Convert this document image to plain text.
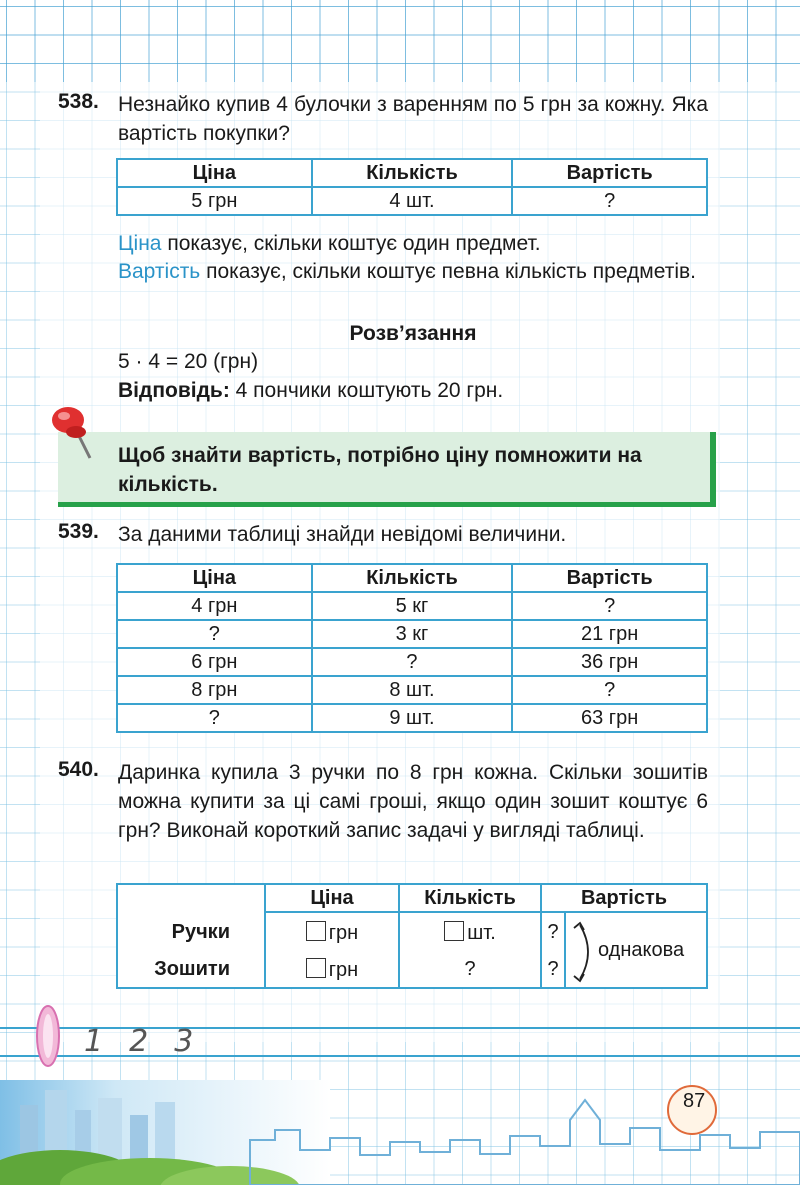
538. Незнайко купив 4 булочки з варенням по 5 грн за кожну. Яка вартість покупки?
Ціна	Кількість	Вартість
5 грн	4 шт.	?
Ціна показує, скільки коштує один предмет.
Вартість показує, скільки коштує певна кількість предметів.
Розв’язання
5 · 4 = 20 (грн)
Відповідь: 4 пончики коштують 20 грн.
Щоб знайти вартість, потрібно ціну помножити на кількість.
539. За даними таблиці знайди невідомі величини.
Ціна	Кількість	Вартість
4 грн	5 кг	?
?	3 кг	21 грн
6 грн	?	36 грн
8 грн	8 шт.	?
?	9 шт.	63 грн
540. Даринка купила 3 ручки по 8 грн кожна. Скільки зошитів можна купити за ці самі гроші, якщо один зошит коштує 6 грн? Виконай короткий запис задачі у вигляді таблиці.
	Ціна	Кількість	Вартість	
Ручки	грн	шт.	?	однакова
Зошити	грн	?	?	
123
87
